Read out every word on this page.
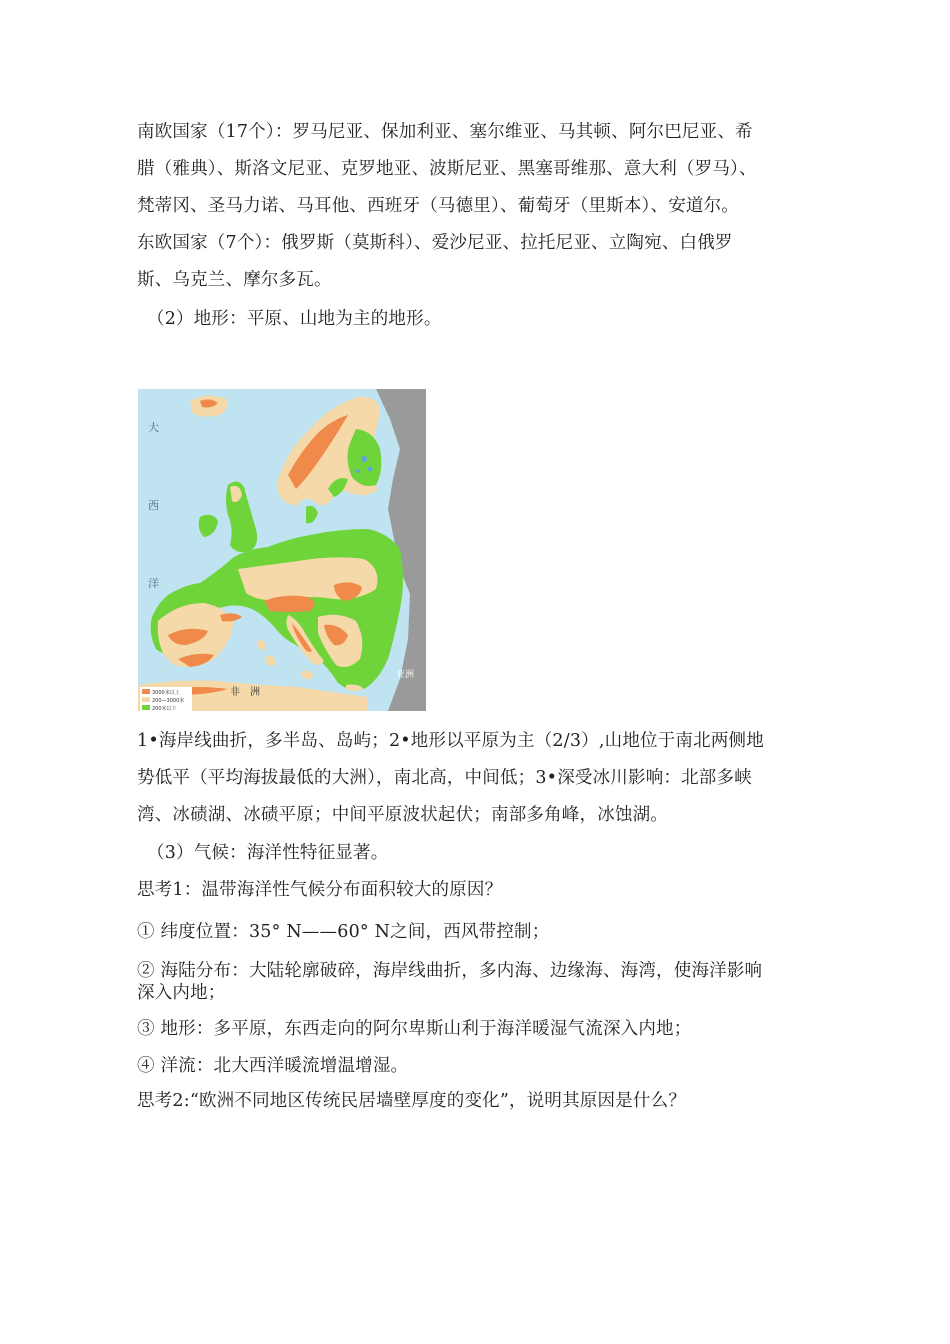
南欧国家（17个）：罗马尼亚、保加利亚、塞尔维亚、马其顿、阿尔巴尼亚、希
腊（雅典）、斯洛文尼亚、克罗地亚、波斯尼亚、黑塞哥维那、意大利（罗马）、
梵蒂冈、圣马力诺、马耳他、西班牙（马德里）、葡萄牙（里斯本）、安道尔。
东欧国家（7个）：俄罗斯（莫斯科）、爱沙尼亚、拉托尼亚、立陶宛、白俄罗
斯、乌克兰、摩尔多瓦。
（2）地形：平原、山地为主的地形。
大
西
洋
非　洲
亚洲
3000米以上
200—3000米
200米以下
1•海岸线曲折，多半岛、岛屿；2•地形以平原为主（2/3）,山地位于南北两侧地
势低平（平均海拔最低的大洲），南北高，中间低；3•深受冰川影响：北部多峡
湾、冰碛湖、冰碛平原；中间平原波状起伏；南部多角峰，冰蚀湖。
（3）气候：海洋性特征显著。
思考1：温带海洋性气候分布面积较大的原因？
① 纬度位置：35° N——60° N之间，西风带控制；
② 海陆分布：大陆轮廓破碎，海岸线曲折，多内海、边缘海、海湾，使海洋影响
深入内地；
③ 地形：多平原，东西走向的阿尔卑斯山利于海洋暖湿气流深入内地；
④ 洋流：北大西洋暖流增温增湿。
思考2:“欧洲不同地区传统民居墙壁厚度的变化”，说明其原因是什么？
